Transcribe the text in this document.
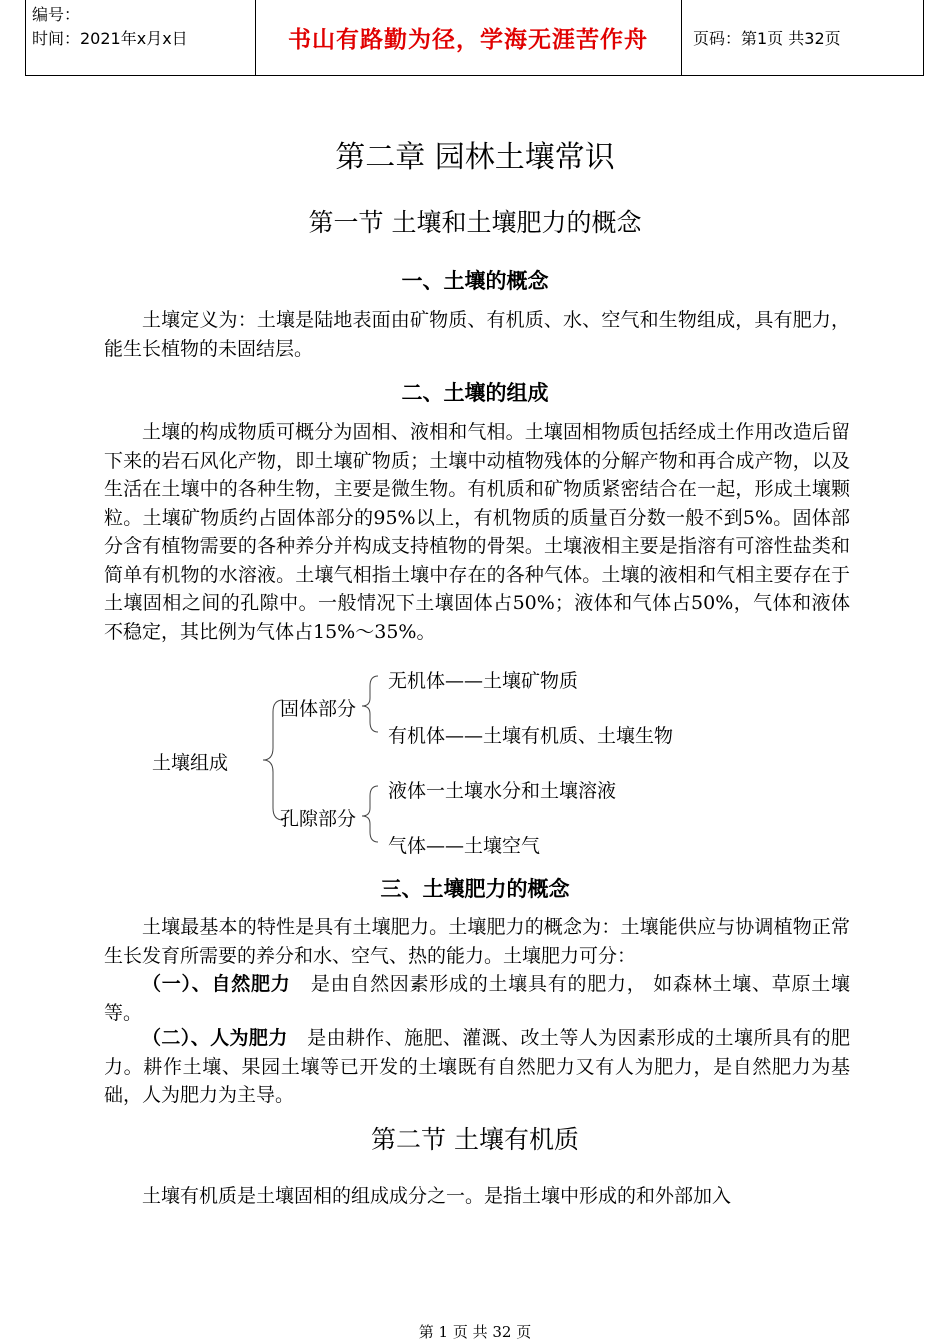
编号：
时间：2021年x月x日	书山有路勤为径，学海无涯苦作舟	页码：第1页 共32页
第二章 园林土壤常识
第一节 土壤和土壤肥力的概念
一、土壤的概念

土壤定义为：土壤是陆地表面由矿物质、有机质、水、空气和生物组成，具有肥力，能生长植物的未固结层。

二、土壤的组成

土壤的构成物质可概分为固相、液相和气相。土壤固相物质包括经成土作用改造后留下来的岩石风化产物，即土壤矿物质；土壤中动植物残体的分解产物和再合成产物，以及生活在土壤中的各种生物，主要是微生物。有机质和矿物质紧密结合在一起，形成土壤颗粒。土壤矿物质约占固体部分的95%以上，有机物质的质量百分数一般不到5%。固体部分含有植物需要的各种养分并构成支持植物的骨架。土壤液相主要是指溶有可溶性盐类和简单有机物的水溶液。土壤气相指土壤中存在的各种气体。土壤的液相和气相主要存在于土壤固相之间的孔隙中。一般情况下土壤固体占50%；液体和气体占50%，气体和液体不稳定，其比例为气体占15%～35%。

土壤组成
固体部分
孔隙部分
无机体——土壤矿物质
有机体——土壤有机质、土壤生物
液体一土壤水分和土壤溶液
气体——土壤空气
三、土壤肥力的概念

土壤最基本的特性是具有土壤肥力。土壤肥力的概念为：土壤能供应与协调植物正常生长发育所需要的养分和水、空气、热的能力。土壤肥力可分：

（一）、自然肥力 是由自然因素形成的土壤具有的肥力， 如森林土壤、草原土壤等。

（二）、人为肥力 是由耕作、施肥、灌溉、改土等人为因素形成的土壤所具有的肥力。耕作土壤、果园土壤等已开发的土壤既有自然肥力又有人为肥力，是自然肥力为基础，人为肥力为主导。

第二节 土壤有机质

土壤有机质是土壤固相的组成成分之一。是指土壤中形成的和外部加入

第 1 页 共 32 页
